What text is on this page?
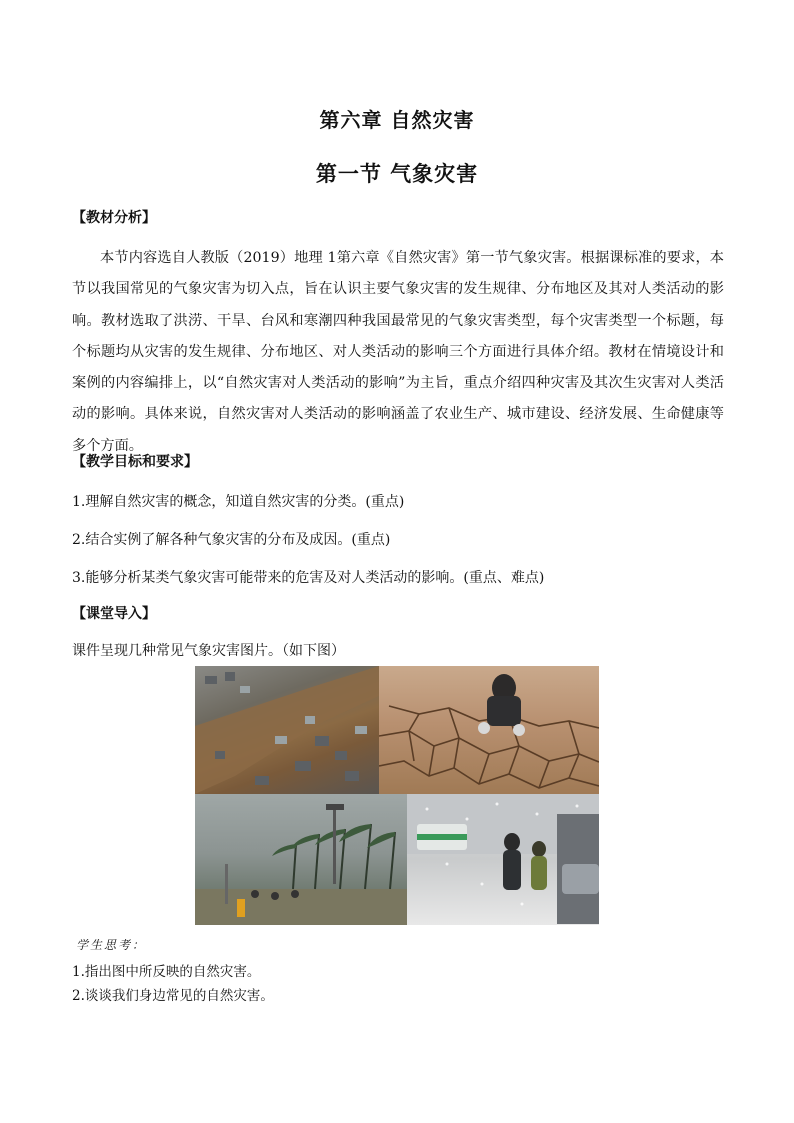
第六章 自然灾害
第一节 气象灾害
【教材分析】
本节内容选自人教版（2019）地理 1第六章《自然灾害》第一节气象灾害。根据课标准的要求，本节以我国常见的气象灾害为切入点，旨在认识主要气象灾害的发生规律、分布地区及其对人类活动的影响。教材选取了洪涝、干旱、台风和寒潮四种我国最常见的气象灾害类型，每个灾害类型一个标题，每个标题均从灾害的发生规律、分布地区、对人类活动的影响三个方面进行具体介绍。教材在情境设计和案例的内容编排上，以“自然灾害对人类活动的影响”为主旨，重点介绍四种灾害及其次生灾害对人类活动的影响。具体来说，自然灾害对人类活动的影响涵盖了农业生产、城市建设、经济发展、生命健康等多个方面。
【教学目标和要求】
1.理解自然灾害的概念，知道自然灾害的分类。(重点)
2.结合实例了解各种气象灾害的分布及成因。(重点)
3.能够分析某类气象灾害可能带来的危害及对人类活动的影响。(重点、难点)
【课堂导入】
课件呈现几种常见气象灾害图片。（如下图）
学生思考：
1.指出图中所反映的自然灾害。
2.谈谈我们身边常见的自然灾害。
